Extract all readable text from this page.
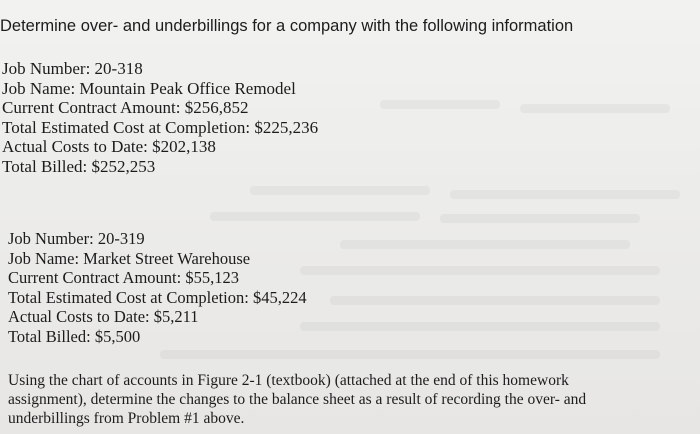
Determine over- and underbillings for a company with the following information
Job Number: 20-318
Job Name: Mountain Peak Office Remodel
Current Contract Amount: $256,852
Total Estimated Cost at Completion: $225,236
Actual Costs to Date: $202,138
Total Billed: $252,253
Job Number: 20-319
Job Name: Market Street Warehouse
Current Contract Amount: $55,123
Total Estimated Cost at Completion: $45,224
Actual Costs to Date: $5,211
Total Billed: $5,500
Using the chart of accounts in Figure 2-1 (textbook) (attached at the end of this homework
assignment), determine the changes to the balance sheet as a result of recording the over- and
underbillings from Problem #1 above.
